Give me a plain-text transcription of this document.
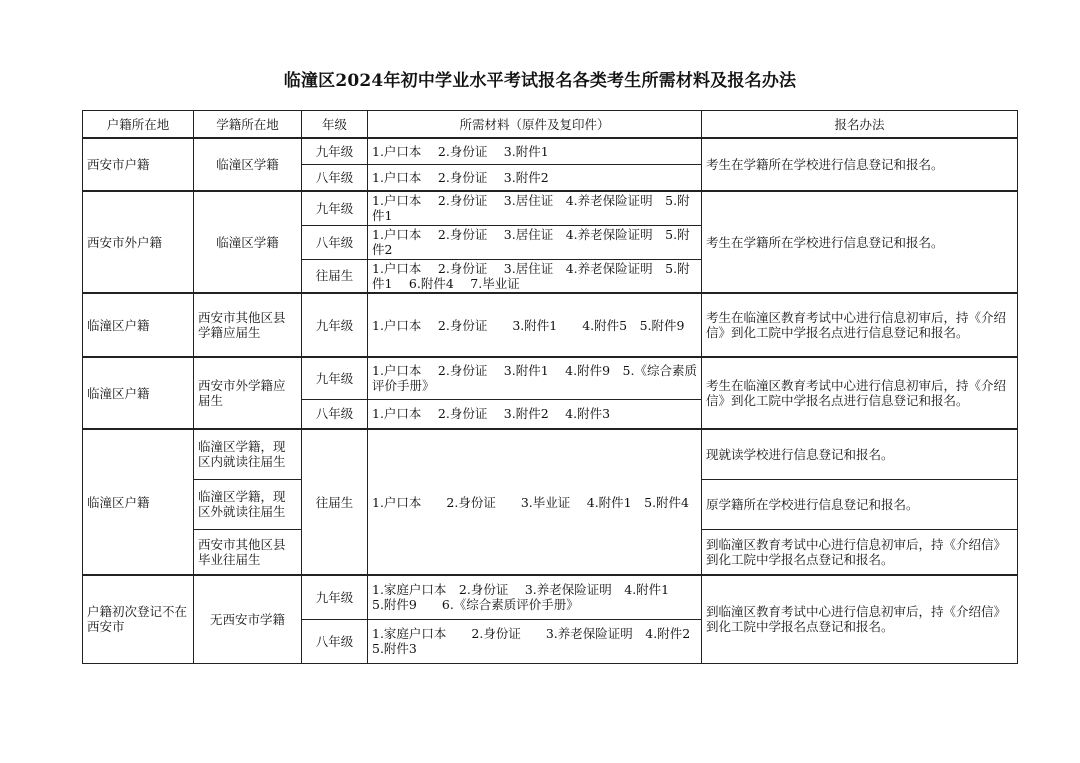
临潼区2024年初中学业水平考试报名各类考生所需材料及报名办法
户籍所在地	学籍所在地	年级	所需材料（原件及复印件）	报名办法
西安市户籍	临潼区学籍	九年级	1.户口本　 2.身份证　 3.附件1	考生在学籍所在学校进行信息登记和报名。
		八年级	1.户口本　 2.身份证　 3.附件2	
西安市外户籍	临潼区学籍	九年级	1.户口本　 2.身份证　 3.居住证　4.养老保险证明　5.附件1	考生在学籍所在学校进行信息登记和报名。
		八年级	1.户口本　 2.身份证　 3.居住证　4.养老保险证明　5.附件2	
		往届生	1.户口本　 2.身份证　 3.居住证　4.养老保险证明　5.附件1　 6.附件4　 7.毕业证	
临潼区户籍	西安市其他区县学籍应届生	九年级	1.户口本　 2.身份证　　3.附件1　　4.附件5　5.附件9	考生在临潼区教育考试中心进行信息初审后，持《介绍信》到化工院中学报名点进行信息登记和报名。
临潼区户籍	西安市外学籍应届生	九年级	1.户口本　 2.身份证　 3.附件1　 4.附件9　5.《综合素质评价手册》	考生在临潼区教育考试中心进行信息初审后，持《介绍信》到化工院中学报名点进行信息登记和报名。
		八年级	1.户口本　 2.身份证　 3.附件2　 4.附件3	
临潼区户籍	临潼区学籍，现区内就读往届生	往届生	1.户口本　　2.身份证　　3.毕业证　 4.附件1　5.附件4	现就读学校进行信息登记和报名。
	临潼区学籍，现区外就读往届生			原学籍所在学校进行信息登记和报名。
	西安市其他区县毕业往届生			到临潼区教育考试中心进行信息初审后，持《介绍信》到化工院中学报名点登记和报名。
户籍初次登记不在西安市	无西安市学籍	九年级	1.家庭户口本　2.身份证　 3.养老保险证明　4.附件1　　5.附件9　　6.《综合素质评价手册》	到临潼区教育考试中心进行信息初审后，持《介绍信》到化工院中学报名点登记和报名。
		八年级	1.家庭户口本　　2.身份证　　3.养老保险证明　4.附件2　5.附件3	
